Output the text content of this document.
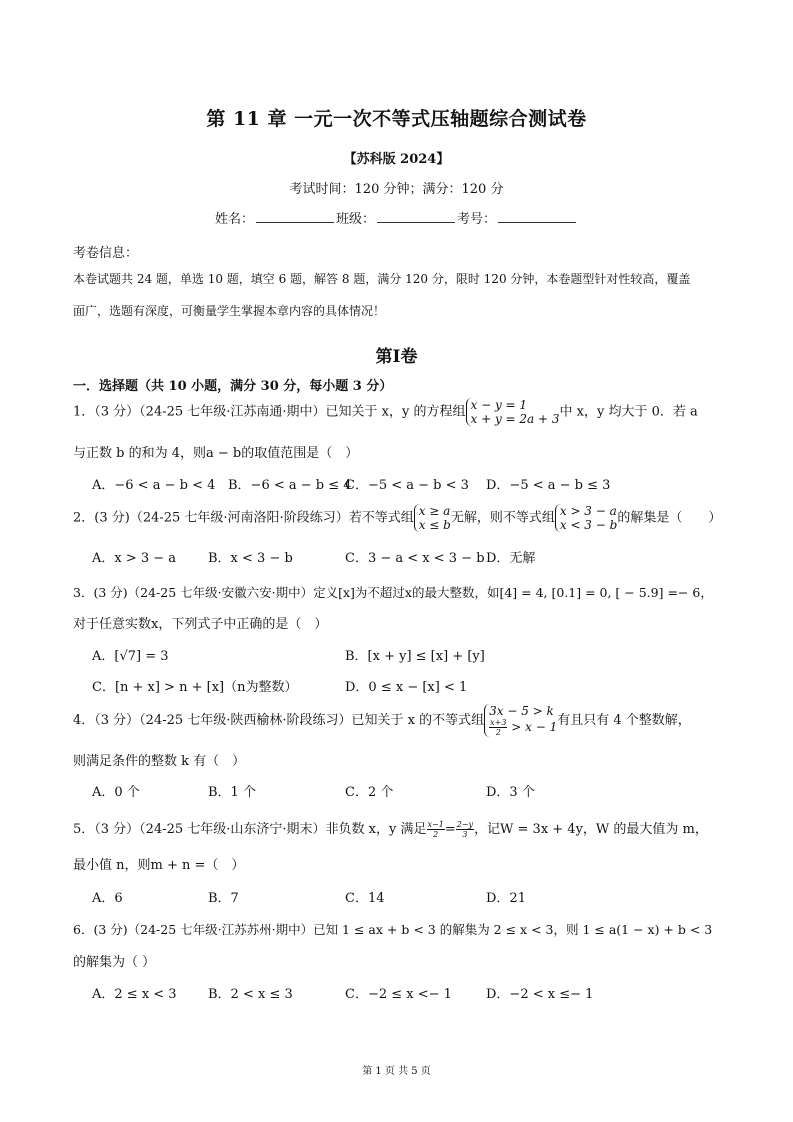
第 11 章 一元一次不等式压轴题综合测试卷
【苏科版 2024】
考试时间：120 分钟；满分：120 分
姓名：	班级：	考号：
考卷信息：
本卷试题共 24 题，单选 10 题，填空 6 题，解答 8 题，满分 120 分，限时 120 分钟，本卷题型针对性较高，覆盖
面广，选题有深度，可衡量学生掌握本章内容的具体情况！
第Ⅰ卷
一．选择题（共 10 小题，满分 30 分，每小题 3 分）
1．（3 分）（24-25 七年级·江苏南通·期中）已知关于 x，y 的方程组 x − y = 1
x + y = 2a + 3 中 x，y 均大于 0．若 a
与正数 b 的和为 4，则a − b的取值范围是（　）
A．−6 < a − b < 4 B．−6 < a − b ≤ 4
C．−5 < a − b < 3 D．−5 < a − b ≤ 3
2．(3 分)（24-25 七年级·河南洛阳·阶段练习）若不等式组 x ≥ a
x ≤ b 无解，则不等式组 x > 3 − a
x < 3 − b 的解集是（　　）
A．x > 3 − a B．x < 3 − b	C．3 − a < x < 3 − b D．无解
3．(3 分)（24-25 七年级·安徽六安·期中）定义[x]为不超过x的最大整数，如[4] = 4, [0.1] = 0, [ − 5.9] =− 6，
对于任意实数x，下列式子中正确的是（　）
A．[√7] = 3	B．[x + y] ≤ [x] + [y]
C．[n + x] > n + [x]（n为整数）	D．0 ≤ x − [x] < 1
4．（3 分）（24-25 七年级·陕西榆林·阶段练习）已知关于 x 的不等式组
3x − 5 > k
$\frac{x+3}{2} > x - 1$ 有且只有 4 个整数解，
则满足条件的整数 k 有（　）
A．0 个	B．1 个	C．2 个	D．3 个
5．（3 分）（24-25 七年级·山东济宁·期末）非负数 x，y 满足 $\frac{x-1}{2} = \frac{2-y}{3}$ ，记W = 3x + 4y，W 的最大值为 m，
最小值 n，则m + n =（　）
A．6	B．7	C．14	D．21
6．(3 分)（24-25 七年级·江苏苏州·期中）已知 1 ≤ ax + b < 3 的解集为 2 ≤ x < 3，则 1 ≤ a(1 − x) + b < 3
的解集为（ ）
A．2 ≤ x < 3 B．2 < x ≤ 3	C．−2 ≤ x <− 1	D．−2 < x ≤− 1
第 1 页 共 5 页
